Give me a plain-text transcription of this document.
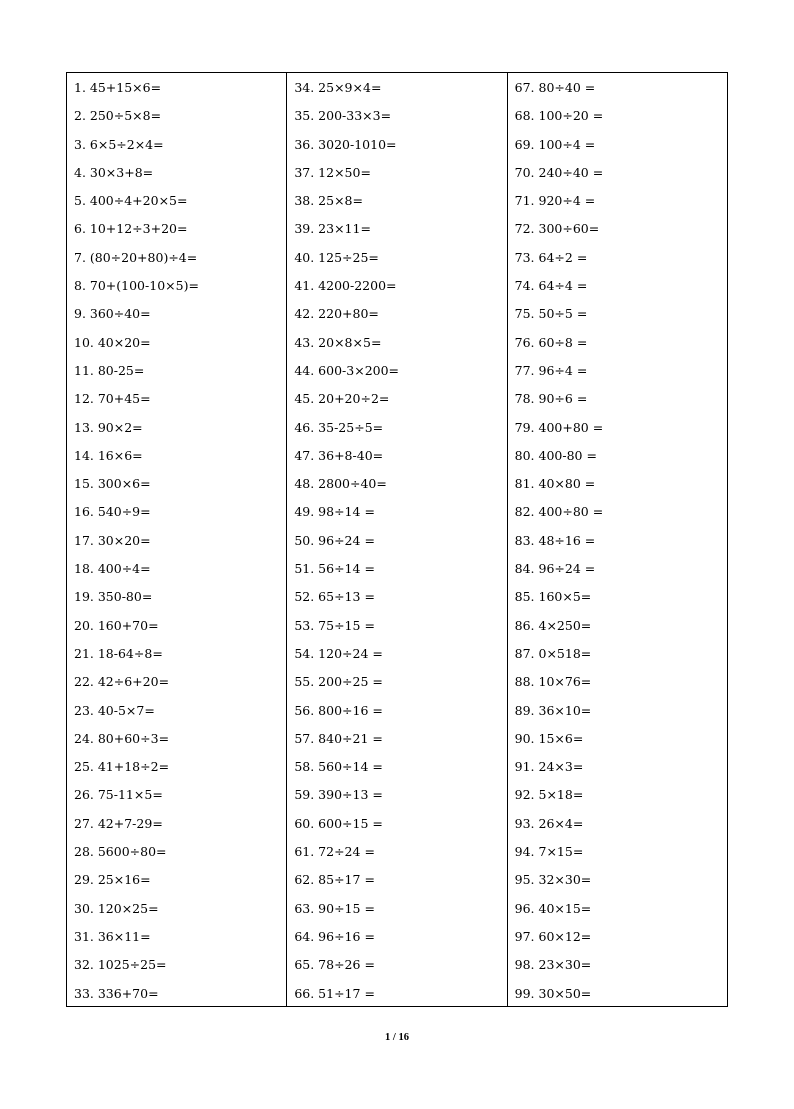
1. 45+15×6=
2. 250÷5×8=
3. 6×5÷2×4=
4. 30×3+8=
5. 400÷4+20×5=
6. 10+12÷3+20=
7. (80÷20+80)÷4=
8. 70+(100-10×5)=
9. 360÷40=
10. 40×20=
11. 80-25=
12. 70+45=
13. 90×2=
14. 16×6=
15. 300×6=
16. 540÷9=
17. 30×20=
18. 400÷4=
19. 350-80=
20. 160+70=
21. 18-64÷8=
22. 42÷6+20=
23. 40-5×7=
24. 80+60÷3=
25. 41+18÷2=
26. 75-11×5=
27. 42+7-29=
28. 5600÷80=
29. 25×16=
30. 120×25=
31. 36×11=
32. 1025÷25=
33. 336+70=
34. 25×9×4=
35. 200-33×3=
36. 3020-1010=
37. 12×50=
38. 25×8=
39. 23×11=
40. 125÷25=
41. 4200-2200=
42. 220+80=
43. 20×8×5=
44. 600-3×200=
45. 20+20÷2=
46. 35-25÷5=
47. 36+8-40=
48. 2800÷40=
49. 98÷14 =
50. 96÷24 =
51. 56÷14 =
52. 65÷13 =
53. 75÷15 =
54. 120÷24 =
55. 200÷25 =
56. 800÷16 =
57. 840÷21 =
58. 560÷14 =
59. 390÷13 =
60. 600÷15 =
61. 72÷24 =
62. 85÷17 =
63. 90÷15 =
64. 96÷16 =
65. 78÷26 =
66. 51÷17 =
67. 80÷40 =
68. 100÷20 =
69. 100÷4 =
70. 240÷40 =
71. 920÷4 =
72. 300÷60=
73. 64÷2 =
74. 64÷4 =
75. 50÷5 =
76. 60÷8 =
77. 96÷4 =
78. 90÷6 =
79. 400+80 =
80. 400-80 =
81. 40×80 =
82. 400÷80 =
83. 48÷16 =
84. 96÷24 =
85. 160×5=
86. 4×250=
87. 0×518=
88. 10×76=
89. 36×10=
90. 15×6=
91. 24×3=
92. 5×18=
93. 26×4=
94. 7×15=
95. 32×30=
96. 40×15=
97. 60×12=
98. 23×30=
99. 30×50=
1 / 16
